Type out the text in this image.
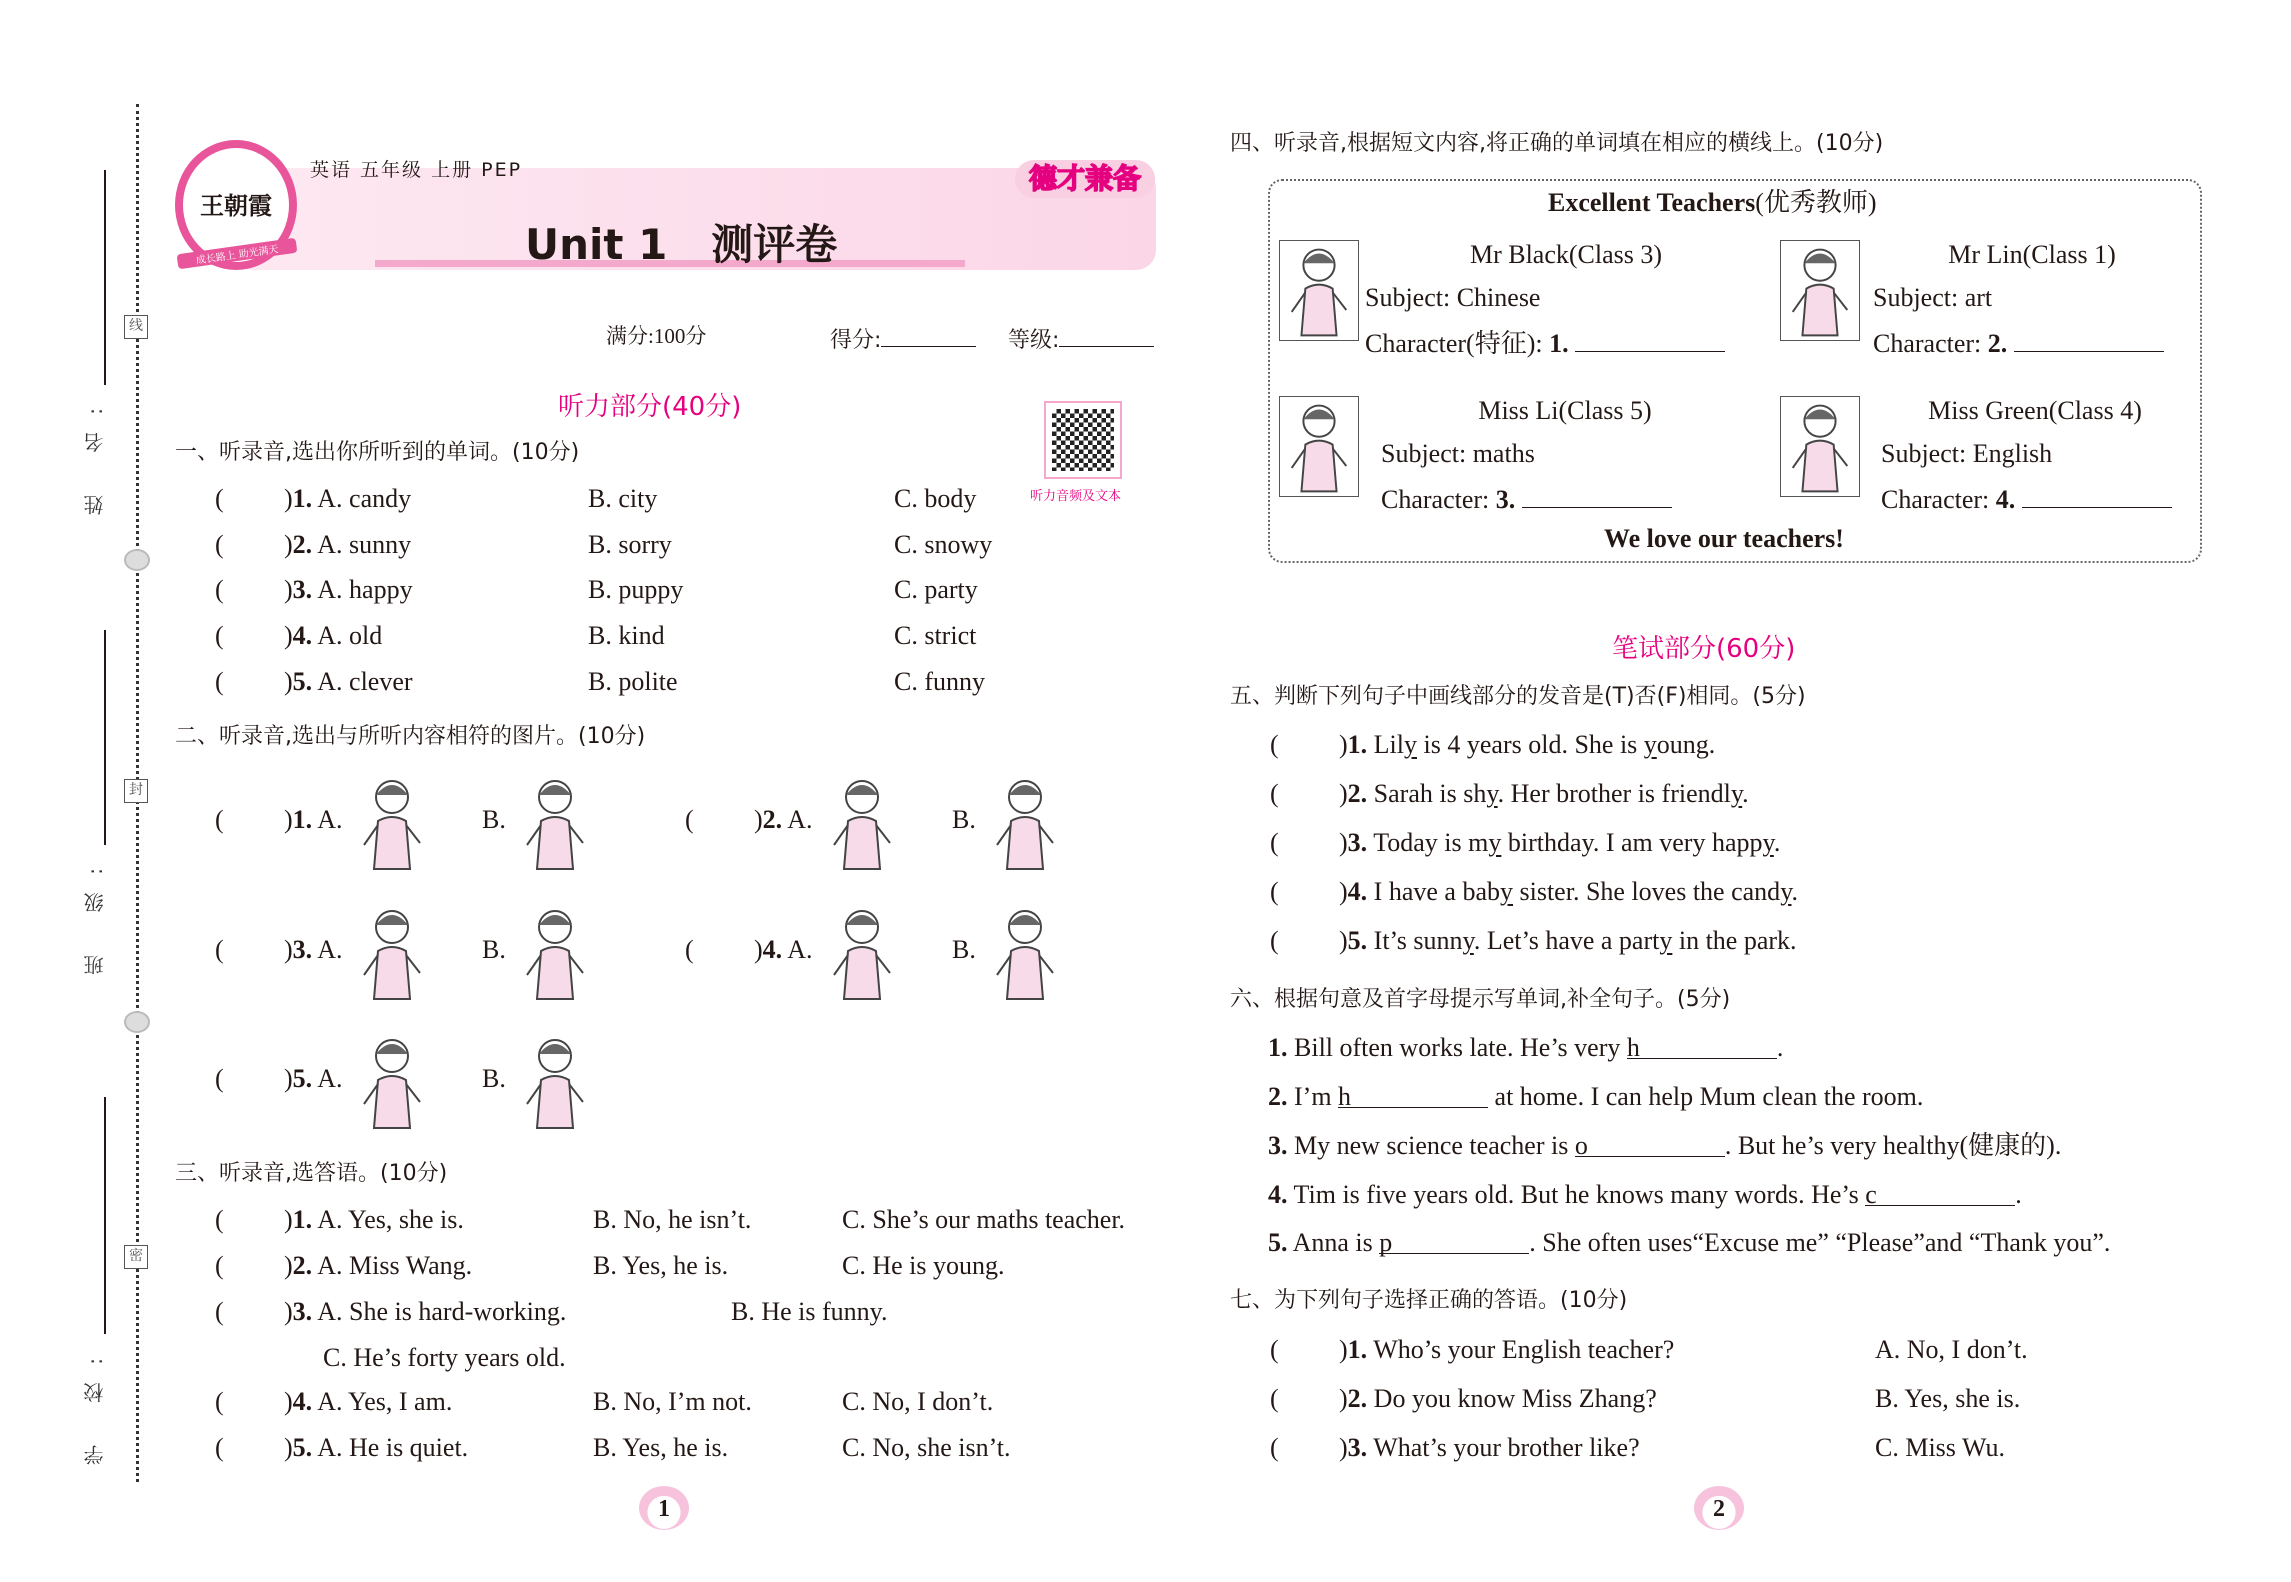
姓 名:
班 级:
学 校:
线
封
密
王朝霞
成长路上 助光满天
英语 五年级 上册 PEP	德才兼备
Unit 1   测评卷
满分:100分	得分:	等级:
听力音频及文本
听力部分(40分)
一、听录音,选出你所听到的单词。(10分)
( )1. A. candy	B. city	C. body
( )2. A. sunny	B. sorry	C. snowy
( )3. A. happy	B. puppy	C. party
( )4. A. old	B. kind	C. strict
( )5. A. clever	B. polite	C. funny
二、听录音,选出与所听内容相符的图片。(10分)
( )1. A.	B.	( )2. A.	B.
( )3. A.	B.	( )4. A.	B.
( )5. A.	B.
三、听录音,选答语。(10分)
( )1. A. Yes, she is.	B. No, he isn’t.	C. She’s our maths teacher.
( )2. A. Miss Wang.	B. Yes, he is.	C. He is young.
( )3. A. She is hard-working.	B. He is funny.
C. He’s forty years old.
( )4. A. Yes, I am.	B. No, I’m not.	C. No, I don’t.
( )5. A. He is quiet.	B. Yes, he is.	C. No, she isn’t.
1	2
四、听录音,根据短文内容,将正确的单词填在相应的横线上。(10分)
Excellent Teachers(优秀教师)
Mr Black(Class 3)
Subject: Chinese
Character(特征): 1.
Mr Lin(Class 1)
Subject: art
Character: 2.
Miss Li(Class 5)
Subject: maths
Character: 3.
Miss Green(Class 4)
Subject: English
Character: 4.
We love our teachers!
笔试部分(60分)
五、判断下列句子中画线部分的发音是(T)否(F)相同。(5分)
( )1. Lily is 4 years old. She is young.
( )2. Sarah is shy. Her brother is friendly.
( )3. Today is my birthday. I am very happy.
( )4. I have a baby sister. She loves the candy.
( )5. It’s sunny. Let’s have a party in the park.
六、根据句意及首字母提示写单词,补全句子。(5分)
1. Bill often works late. He’s very h	.
2. I’m h	at home. I can help Mum clean the room.
3. My new science teacher is o	. But he’s very healthy(健康的).
4. Tim is five years old. But he knows many words. He’s c	.
5. Anna is p	. She often uses“Excuse me” “Please”and “Thank you”.
七、为下列句子选择正确的答语。(10分)
( )1. Who’s your English teacher?	A. No, I don’t.
( )2. Do you know Miss Zhang?	B. Yes, she is.
( )3. What’s your brother like?	C. Miss Wu.
